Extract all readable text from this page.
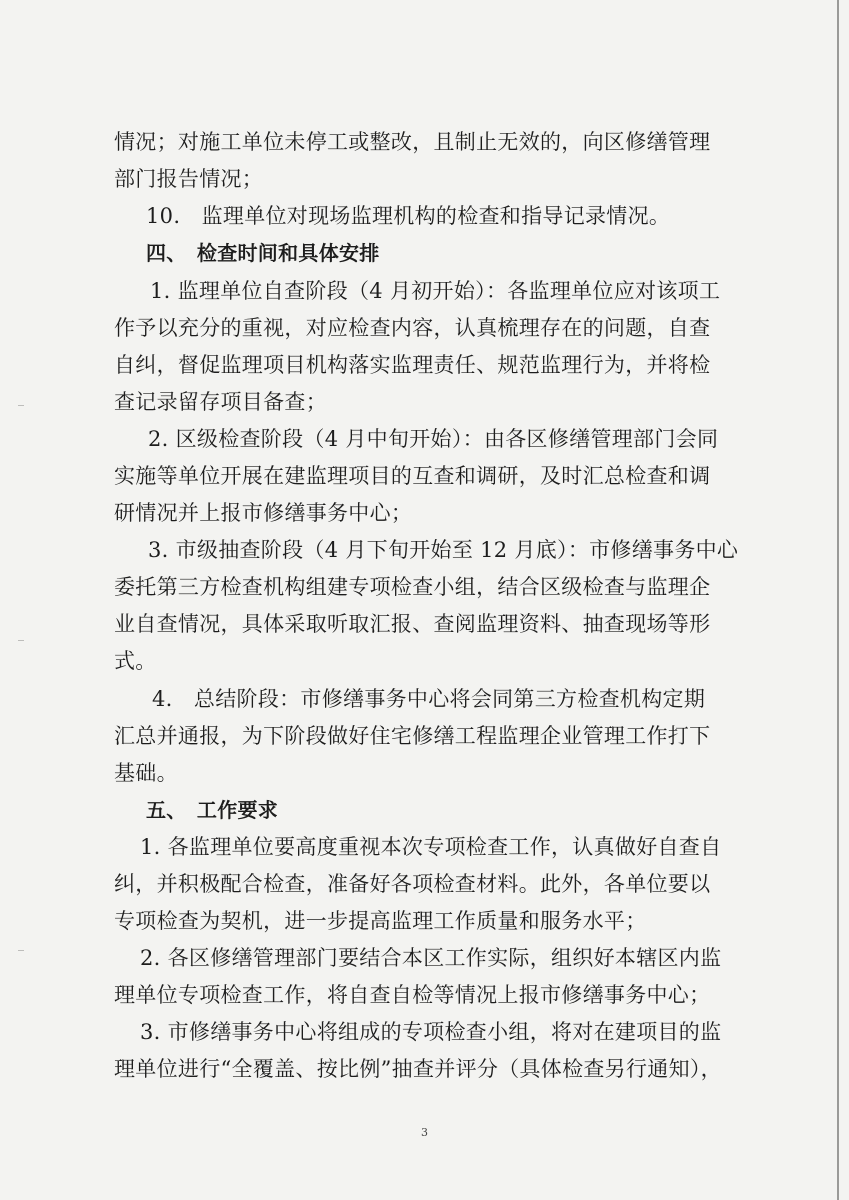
情况；对施工单位未停工或整改，且制止无效的，向区修缮管理
部门报告情况；
10.　监理单位对现场监理机构的检查和指导记录情况。
四、　检查时间和具体安排
1. 监理单位自查阶段（4 月初开始）：各监理单位应对该项工
作予以充分的重视，对应检查内容，认真梳理存在的问题，自查
自纠，督促监理项目机构落实监理责任、规范监理行为，并将检
查记录留存项目备查；
2. 区级检查阶段（4 月中旬开始）：由各区修缮管理部门会同
实施等单位开展在建监理项目的互查和调研，及时汇总检查和调
研情况并上报市修缮事务中心；
3. 市级抽查阶段（4 月下旬开始至 12 月底）：市修缮事务中心
委托第三方检查机构组建专项检查小组，结合区级检查与监理企
业自查情况，具体采取听取汇报、查阅监理资料、抽查现场等形
式。
4.　总结阶段：市修缮事务中心将会同第三方检查机构定期
汇总并通报，为下阶段做好住宅修缮工程监理企业管理工作打下
基础。
五、　工作要求
1. 各监理单位要高度重视本次专项检查工作，认真做好自查自
纠，并积极配合检查，准备好各项检查材料。此外，各单位要以
专项检查为契机，进一步提高监理工作质量和服务水平；
2. 各区修缮管理部门要结合本区工作实际，组织好本辖区内监
理单位专项检查工作，将自查自检等情况上报市修缮事务中心；
3. 市修缮事务中心将组成的专项检查小组，将对在建项目的监
理单位进行“全覆盖、按比例”抽查并评分（具体检查另行通知），
3
